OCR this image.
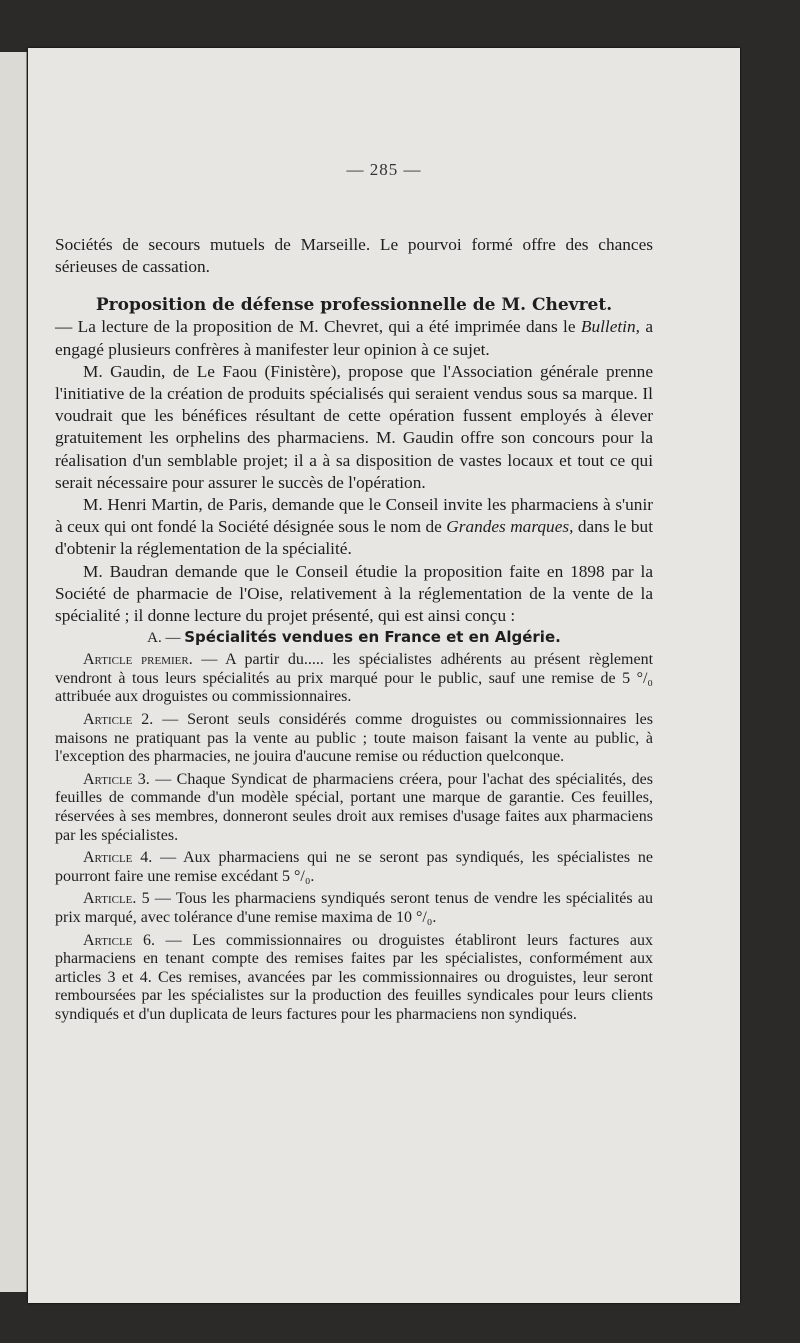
— 285 —

Sociétés de secours mutuels de Marseille. Le pourvoi formé offre des chances sérieuses de cassation.

Proposition de défense professionnelle de M. Chevret.

— La lecture de la proposition de M. Chevret, qui a été imprimée dans le Bulletin, a engagé plusieurs confrères à manifester leur opinion à ce sujet.

M. Gaudin, de Le Faou (Finistère), propose que l'Association générale prenne l'initiative de la création de produits spécialisés qui seraient vendus sous sa marque. Il voudrait que les bénéfices résultant de cette opération fussent employés à élever gratuitement les orphelins des pharmaciens. M. Gaudin offre son concours pour la réalisation d'un semblable projet; il a à sa disposition de vastes locaux et tout ce qui serait nécessaire pour assurer le succès de l'opération.

M. Henri Martin, de Paris, demande que le Conseil invite les pharmaciens à s'unir à ceux qui ont fondé la Société désignée sous le nom de Grandes marques, dans le but d'obtenir la réglementation de la spécialité.

M. Baudran demande que le Conseil étudie la proposition faite en 1898 par la Société de pharmacie de l'Oise, relativement à la réglementation de la vente de la spécialité ; il donne lecture du projet présenté, qui est ainsi conçu :

A. — Spécialités vendues en France et en Algérie.

Article premier. — A partir du..... les spécialistes adhérents au présent règlement vendront à tous leurs spécialités au prix marqué pour le public, sauf une remise de 5 °/₀ attribuée aux droguistes ou commissionnaires.

Article 2. — Seront seuls considérés comme droguistes ou commissionnaires les maisons ne pratiquant pas la vente au public ; toute maison faisant la vente au public, à l'exception des pharmacies, ne jouira d'aucune remise ou réduction quelconque.

Article 3. — Chaque Syndicat de pharmaciens créera, pour l'achat des spécialités, des feuilles de commande d'un modèle spécial, portant une marque de garantie. Ces feuilles, réservées à ses membres, donneront seules droit aux remises d'usage faites aux pharmaciens par les spécialistes.

Article 4. — Aux pharmaciens qui ne se seront pas syndiqués, les spécialistes ne pourront faire une remise excédant 5 °/₀.

Article. 5 — Tous les pharmaciens syndiqués seront tenus de vendre les spécialités au prix marqué, avec tolérance d'une remise maxima de 10 °/₀.

Article 6. — Les commissionnaires ou droguistes établiront leurs factures aux pharmaciens en tenant compte des remises faites par les spécialistes, conformément aux articles 3 et 4. Ces remises, avancées par les commissionnaires ou droguistes, leur seront remboursées par les spécialistes sur la production des feuilles syndicales pour leurs clients syndiqués et d'un duplicata de leurs factures pour les pharmaciens non syndiqués.
